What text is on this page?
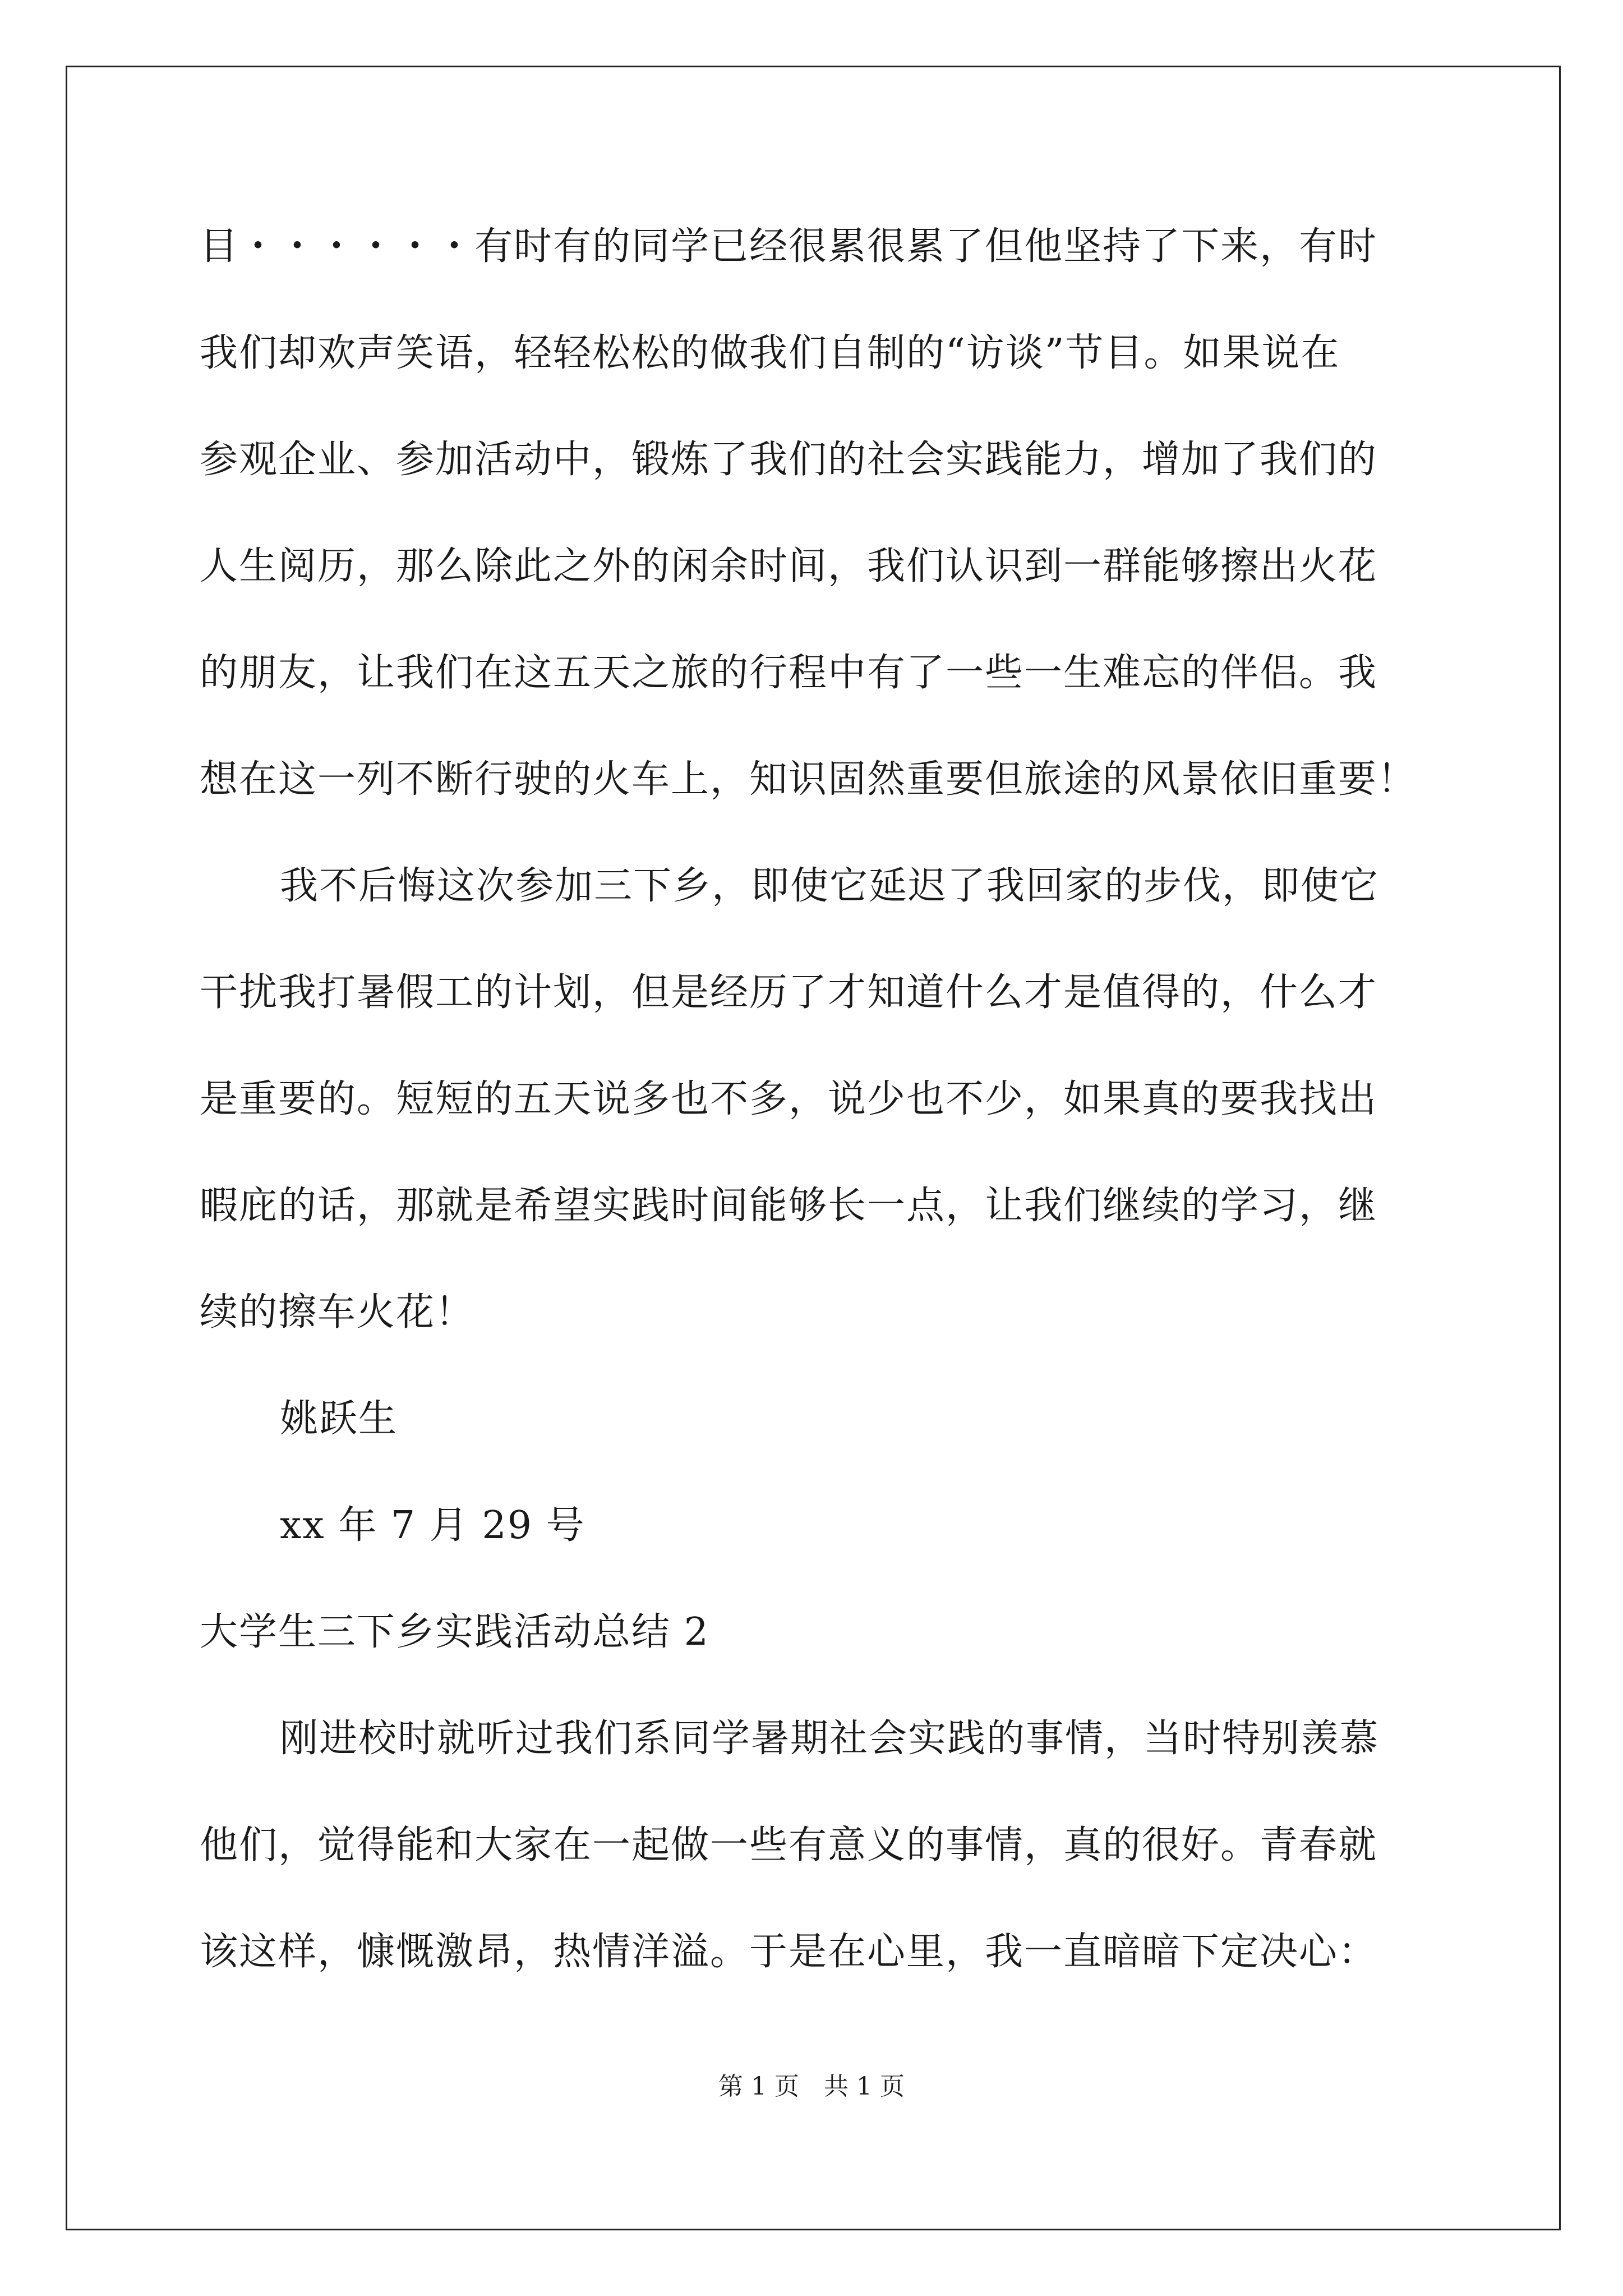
目・・・・・・有时有的同学已经很累很累了但他坚持了下来，有时
我们却欢声笑语，轻轻松松的做我们自制的“访谈”节目。如果说在
参观企业、参加活动中，锻炼了我们的社会实践能力，增加了我们的
人生阅历，那么除此之外的闲余时间，我们认识到一群能够擦出火花
的朋友，让我们在这五天之旅的行程中有了一些一生难忘的伴侣。我
想在这一列不断行驶的火车上，知识固然重要但旅途的风景依旧重要！
我不后悔这次参加三下乡，即使它延迟了我回家的步伐，即使它
干扰我打暑假工的计划，但是经历了才知道什么才是值得的，什么才
是重要的。短短的五天说多也不多，说少也不少，如果真的要我找出
暇庇的话，那就是希望实践时间能够长一点，让我们继续的学习，继
续的擦车火花！
姚跃生
xx 年 7 月 29 号
大学生三下乡实践活动总结 2
刚进校时就听过我们系同学暑期社会实践的事情，当时特别羡慕
他们，觉得能和大家在一起做一些有意义的事情，真的很好。青春就
该这样，慷慨激昂，热情洋溢。于是在心里，我一直暗暗下定决心：
第 1 页　共 1 页
